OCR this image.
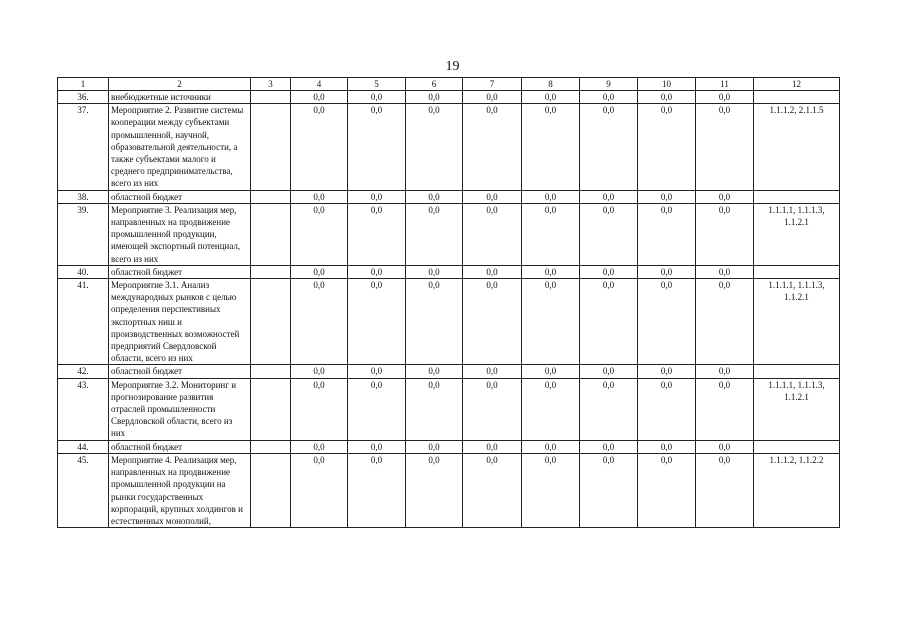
19
1	2	3	4	5	6	7	8	9	10	11	12
36.	внебюджетные источники		0,0	0,0	0,0	0,0	0,0	0,0	0,0	0,0	
37.	Мероприятие 2. Развитие системы кооперации между субъектами промышленной, научной, образовательной деятельности, а также субъектами малого и среднего предпринимательства, всего из них		0,0	0,0	0,0	0,0	0,0	0,0	0,0	0,0	1.1.1.2, 2.1.1.5
38.	областной бюджет		0,0	0,0	0,0	0,0	0,0	0,0	0,0	0,0	
39.	Мероприятие 3. Реализация мер, направленных на продвижение промышленной продукции, имеющей экспортный потенциал, всего из них		0,0	0,0	0,0	0,0	0,0	0,0	0,0	0,0	1.1.1.1, 1.1.1.3, 1.1.2.1
40.	областной бюджет		0,0	0,0	0,0	0,0	0,0	0,0	0,0	0,0	
41.	Мероприятие 3.1. Анализ международных рынков с целью определения перспективных экспортных ниш и производственных возможностей предприятий Свердловской области, всего из них		0,0	0,0	0,0	0,0	0,0	0,0	0,0	0,0	1.1.1.1, 1.1.1.3, 1.1.2.1
42.	областной бюджет		0,0	0,0	0,0	0,0	0,0	0,0	0,0	0,0	
43.	Мероприятие 3.2. Мониторинг и прогнозирование развития отраслей промышленности Свердловской области, всего из них		0,0	0,0	0,0	0,0	0,0	0,0	0,0	0,0	1.1.1.1, 1.1.1.3, 1.1.2.1
44.	областной бюджет		0,0	0,0	0,0	0,0	0,0	0,0	0,0	0,0	
45.	Мероприятие 4. Реализация мер, направленных на продвижение промышленной продукции на рынки государственных корпораций, крупных холдингов и естественных монополий,		0,0	0,0	0,0	0,0	0,0	0,0	0,0	0,0	1.1.1.2, 1.1.2.2
